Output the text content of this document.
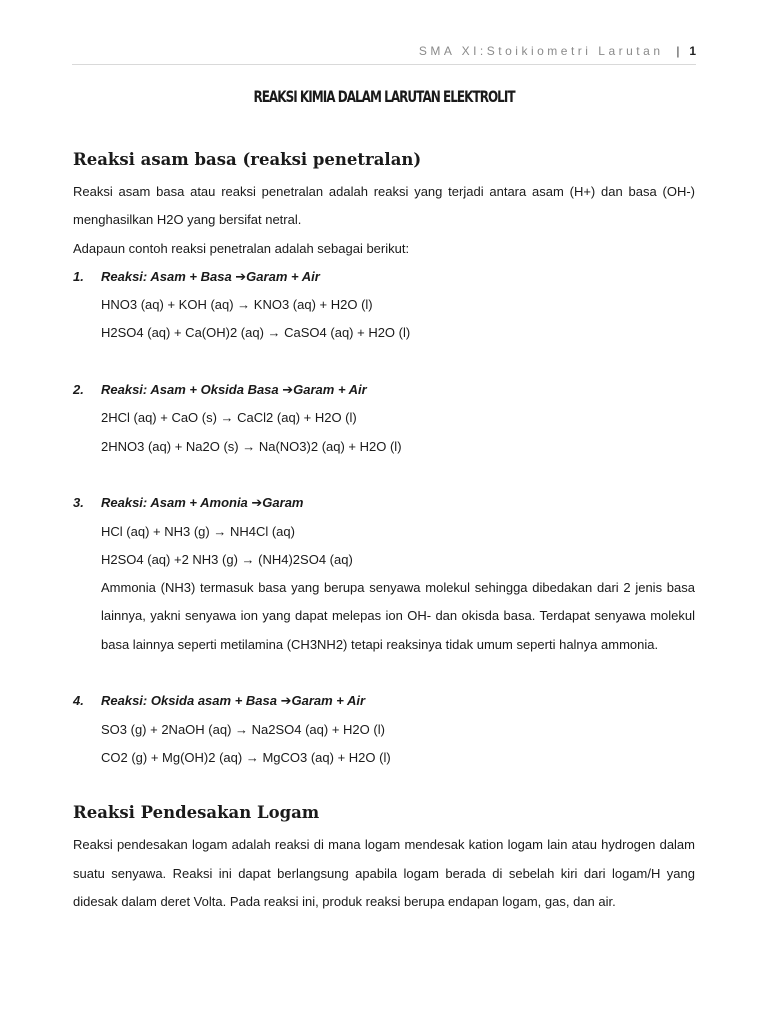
SMA XI:Stoikiometri Larutan | 1
REAKSI KIMIA DALAM LARUTAN ELEKTROLIT
Reaksi asam basa (reaksi penetralan)

Reaksi asam basa atau reaksi penetralan adalah reaksi yang terjadi antara asam (H+) dan basa (OH-) menghasilkan H2O yang bersifat netral.

Adapaun contoh reaksi penetralan adalah sebagai berikut:

1. Reaksi: Asam + Basa ➔Garam + Air
HNO3 (aq) + KOH (aq) → KNO3 (aq) + H2O (l)
H2SO4 (aq) + Ca(OH)2 (aq) → CaSO4 (aq) + H2O (l)
2. Reaksi: Asam + Oksida Basa ➔Garam + Air
2HCl (aq) + CaO (s) → CaCl2 (aq) + H2O (l)
2HNO3 (aq) + Na2O (s) → Na(NO3)2 (aq) + H2O (l)
3. Reaksi: Asam + Amonia ➔Garam
HCl (aq) + NH3 (g) → NH4Cl (aq)
H2SO4 (aq) +2 NH3 (g) → (NH4)2SO4 (aq)
Ammonia (NH3) termasuk basa yang berupa senyawa molekul sehingga dibedakan dari 2 jenis basa lainnya, yakni senyawa ion yang dapat melepas ion OH- dan okisda basa. Terdapat senyawa molekul basa lainnya seperti metilamina (CH3NH2) tetapi reaksinya tidak umum seperti halnya ammonia.
4. Reaksi: Oksida asam + Basa ➔Garam + Air
SO3 (g) + 2NaOH (aq) → Na2SO4 (aq) + H2O (l)
CO2 (g) + Mg(OH)2 (aq) → MgCO3 (aq) + H2O (l)
Reaksi Pendesakan Logam

Reaksi pendesakan logam adalah reaksi di mana logam mendesak kation logam lain atau hydrogen dalam suatu senyawa. Reaksi ini dapat berlangsung apabila logam berada di sebelah kiri dari logam/H yang didesak dalam deret Volta. Pada reaksi ini, produk reaksi berupa endapan logam, gas, dan air.
